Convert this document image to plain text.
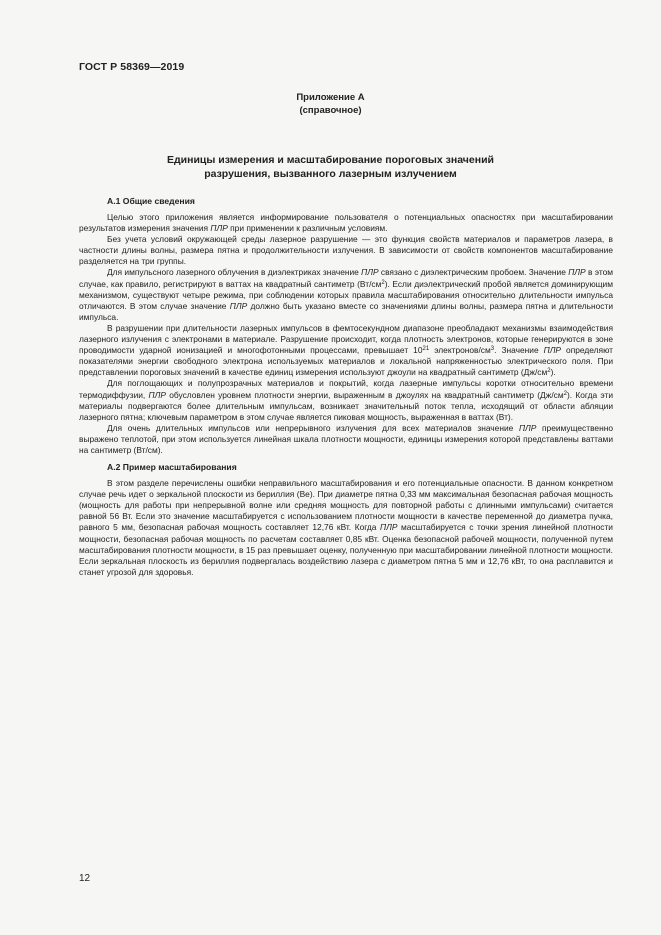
ГОСТ Р 58369—2019
Приложение А
(справочное)
Единицы измерения и масштабирование пороговых значений
разрушения, вызванного лазерным излучением
А.1 Общие сведения

Целью этого приложения является информирование пользователя о потенциальных опасностях при масштабировании результатов измерения значения ПЛР при применении к различным условиям.

Без учета условий окружающей среды лазерное разрушение — это функция свойств материалов и параметров лазера, в частности длины волны, размера пятна и продолжительности излучения. В зависимости от свойств компонентов масштабирование разделяется на три группы.

Для импульсного лазерного облучения в диэлектриках значение ПЛР связано с диэлектрическим пробоем. Значение ПЛР в этом случае, как правило, регистрируют в ваттах на квадратный сантиметр $(Вт/см^2)$. Если диэлектрический пробой является доминирующим механизмом, существуют четыре режима, при соблюдении которых правила масштабирования относительно длительности импульса отличаются. В этом случае значение ПЛР должно быть указано вместе со значениями длины волны, размера пятна и длительности импульса.

В разрушении при длительности лазерных импульсов в фемтосекундном диапазоне преобладают механизмы взаимодействия лазерного излучения с электронами в материале. Разрушение происходит, когда плотность электронов, которые генерируются в зоне проводимости ударной ионизацией и многофотонными процессами, превышает $10^{21}$ электронов/$см^3$. Значение ПЛР определяют показателями энергии свободного электрона используемых материалов и локальной напряженностью электрического поля. При представлении пороговых значений в качестве единиц измерения используют джоули на квадратный сантиметр $(Дж/см^2)$.

Для поглощающих и полупрозрачных материалов и покрытий, когда лазерные импульсы коротки относительно времени термодиффузии, ПЛР обусловлен уровнем плотности энергии, выраженным в джоулях на квадратный сантиметр $(Дж/см^2)$. Когда эти материалы подвергаются более длительным импульсам, возникает значительный поток тепла, исходящий от области абляции лазерного пятна; ключевым параметром в этом случае является пиковая мощность, выраженная в ваттах (Вт).

Для очень длительных импульсов или непрерывного излучения для всех материалов значение ПЛР преимущественно выражено теплотой, при этом используется линейная шкала плотности мощности, единицы измерения которой представлены ваттами на сантиметр (Вт/см).

А.2 Пример масштабирования

В этом разделе перечислены ошибки неправильного масштабирования и его потенциальные опасности. В данном конкретном случае речь идет о зеркальной плоскости из бериллия (Be). При диаметре пятна 0,33 мм максимальная безопасная рабочая мощность (мощность для работы при непрерывной волне или средняя мощность для повторной работы с длинными импульсами) считается равной 56 Вт. Если это значение масштабируется с использованием плотности мощности в качестве переменной до диаметра пучка, равного 5 мм, безопасная рабочая мощность составляет 12,76 кВт. Когда ПЛР масштабируется с точки зрения линейной плотности мощности, безопасная рабочая мощность по расчетам составляет 0,85 кВт. Оценка безопасной рабочей мощности, полученной путем масштабирования плотности мощности, в 15 раз превышает оценку, полученную при масштабировании линейной плотности мощности. Если зеркальная плоскость из бериллия подвергалась воздействию лазера с диаметром пятна 5 мм и 12,76 кВт, то она расплавится и станет угрозой для здоровья.

12
